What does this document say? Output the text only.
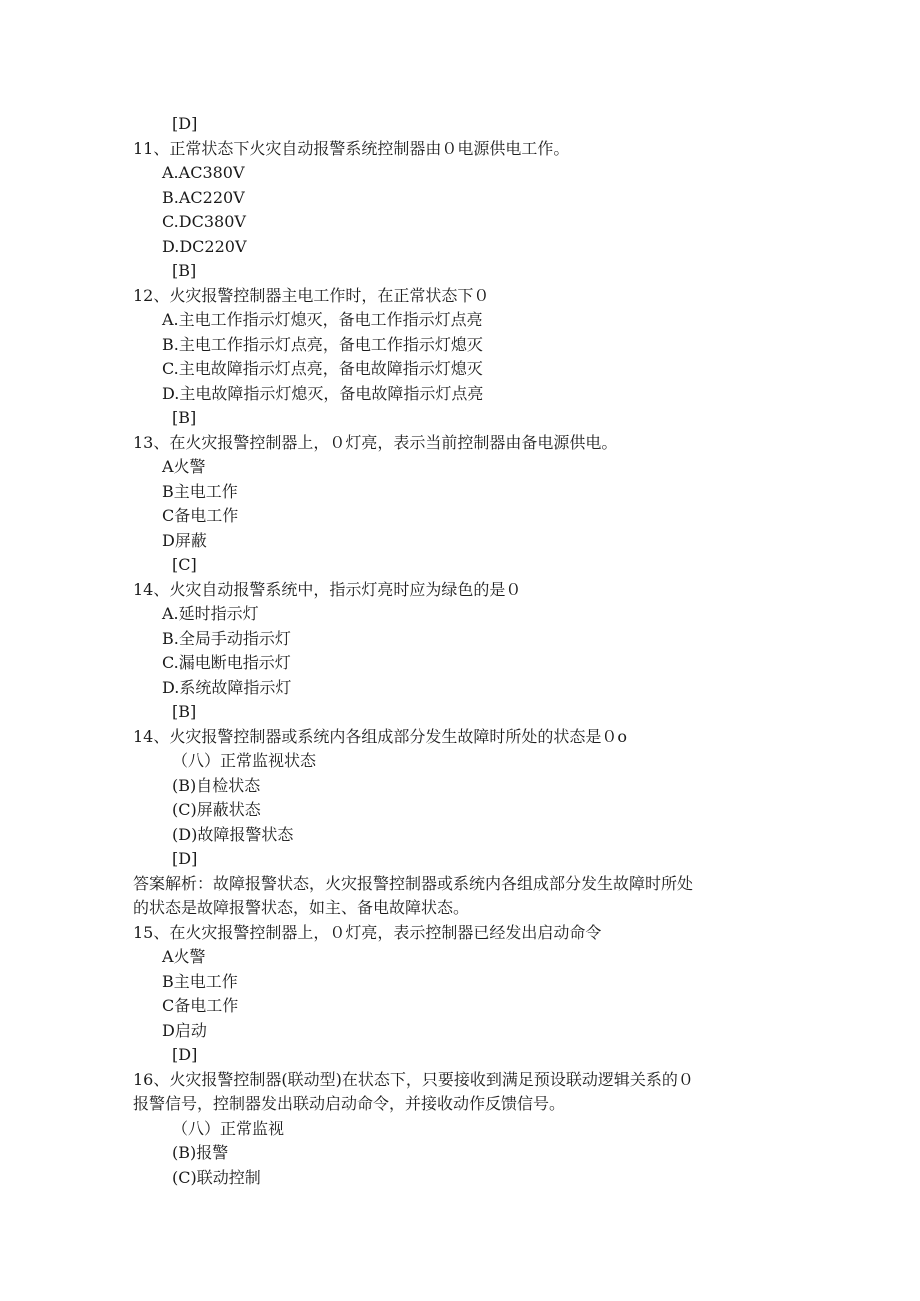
[D]
11、正常状态下火灾自动报警系统控制器由０电源供电工作。
A.AC380V
B.AC220V
C.DC380V
D.DC220V
[B]
12、火灾报警控制器主电工作时，在正常状态下０
A.主电工作指示灯熄灭，备电工作指示灯点亮
B.主电工作指示灯点亮，备电工作指示灯熄灭
C.主电故障指示灯点亮，备电故障指示灯熄灭
D.主电故障指示灯熄灭，备电故障指示灯点亮
[B]
13、在火灾报警控制器上，０灯亮，表示当前控制器由备电源供电。
A火警
B主电工作
C备电工作
D屏蔽
[C]
14、火灾自动报警系统中，指示灯亮时应为绿色的是０
A.延时指示灯
B.全局手动指示灯
C.漏电断电指示灯
D.系统故障指示灯
[B]
14、火灾报警控制器或系统内各组成部分发生故障时所处的状态是０o
（八）正常监视状态
(B)自检状态
(C)屏蔽状态
(D)故障报警状态
[D]
答案解析：故障报警状态，火灾报警控制器或系统内各组成部分发生故障时所处
的状态是故障报警状态，如主、备电故障状态。
15、在火灾报警控制器上，０灯亮，表示控制器已经发出启动命令
A火警
B主电工作
C备电工作
D启动
[D]
16、火灾报警控制器(联动型)在状态下，只要接收到满足预设联动逻辑关系的０
报警信号，控制器发出联动启动命令，并接收动作反馈信号。
（八）正常监视
(B)报警
(C)联动控制
